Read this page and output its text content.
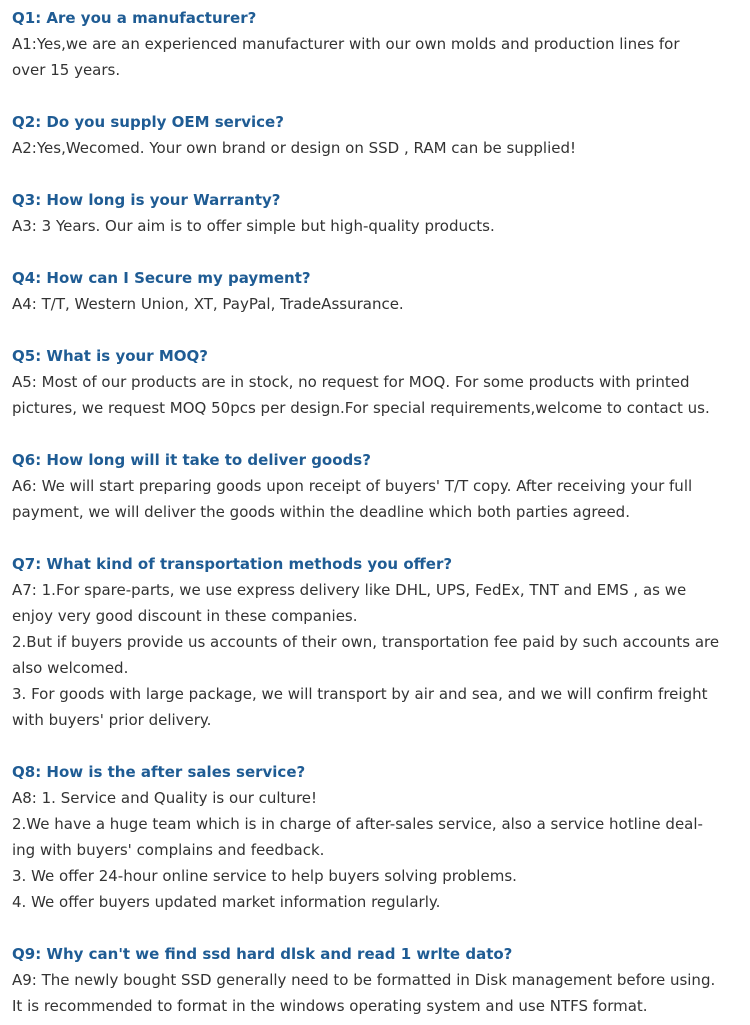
Q1: Are you a manufacturer?
A1:Yes,we are an experienced manufacturer with our own molds and production lines for
over 15 years.
Q2: Do you supply OEM service?
A2:Yes,Wecomed. Your own brand or design on SSD , RAM can be supplied!
Q3: How long is your Warranty?
A3: 3 Years. Our aim is to offer simple but high-quality products.
Q4: How can I Secure my payment?
A4: T/T, Western Union, XT, PayPal, TradeAssurance.
Q5: What is your MOQ?
A5: Most of our products are in stock, no request for MOQ. For some products with printed
pictures, we request MOQ 50pcs per design.For special requirements,welcome to contact us.
Q6: How long will it take to deliver goods?
A6: We will start preparing goods upon receipt of buyers' T/T copy. After receiving your full
payment, we will deliver the goods within the deadline which both parties agreed.
Q7: What kind of transportation methods you offer?
A7: 1.For spare-parts, we use express delivery like DHL, UPS, FedEx, TNT and EMS , as we
enjoy very good discount in these companies.
2.But if buyers provide us accounts of their own, transportation fee paid by such accounts are
also welcomed.
3. For goods with large package, we will transport by air and sea, and we will confirm freight
with buyers' prior delivery.
Q8: How is the after sales service?
A8: 1. Service and Quality is our culture!
2.We have a huge team which is in charge of after-sales service, also a service hotline deal-
ing with buyers' complains and feedback.
3. We offer 24-hour online service to help buyers solving problems.
4. We offer buyers updated market information regularly.
Q9: Why can't we find ssd hard dlsk and read 1 wrlte dato?
A9: The newly bought SSD generally need to be formatted in Disk management before using.
It is recommended to format in the windows operating system and use NTFS format.
